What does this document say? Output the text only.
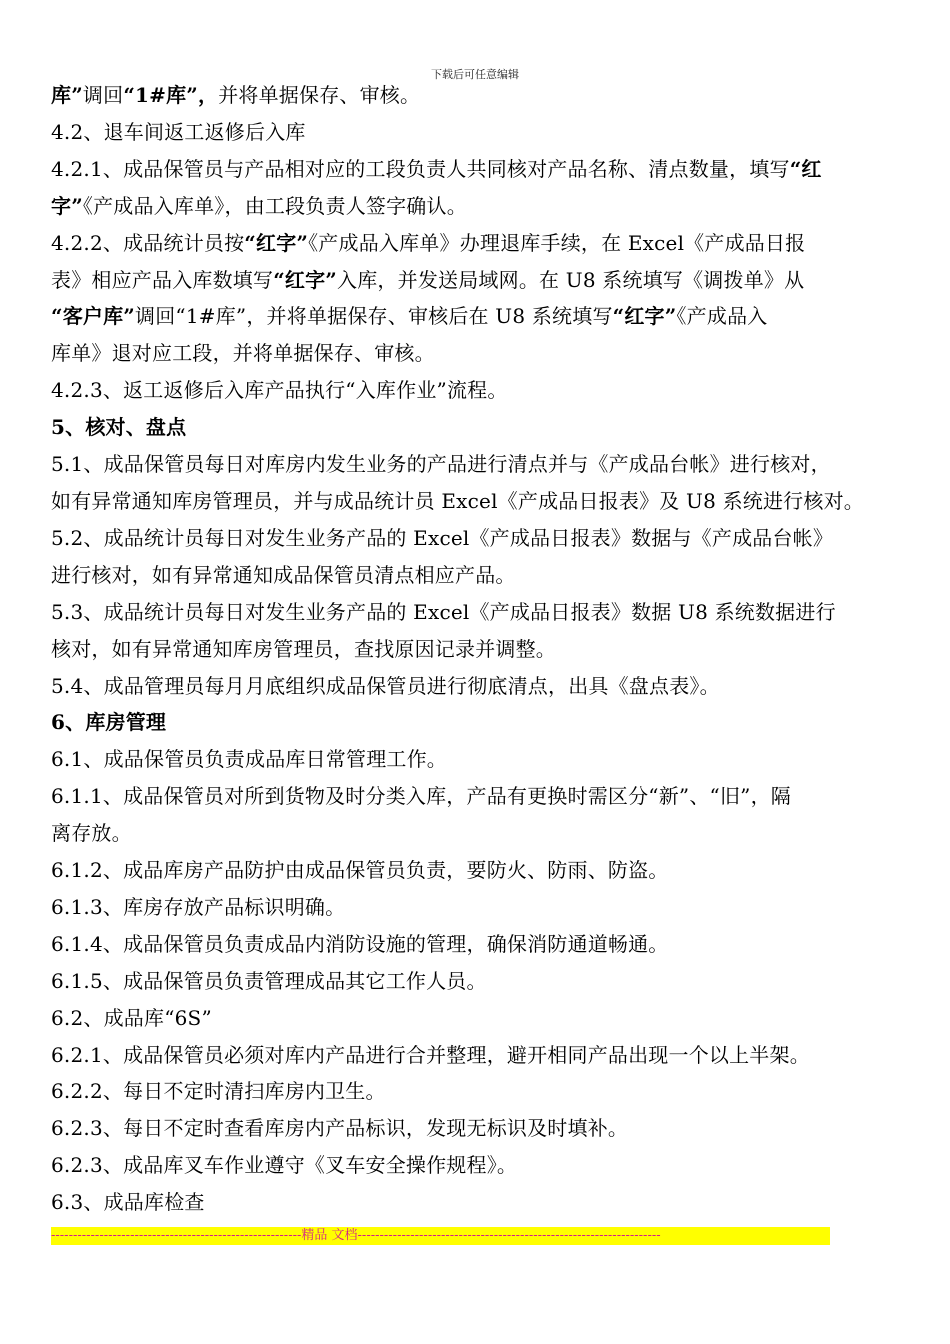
下载后可任意编辑
库”调回“1#库”，并将单据保存、审核。
4.2、退车间返工返修后入库
4.2.1、成品保管员与产品相对应的工段负责人共同核对产品名称、清点数量，填写“红
字”《产成品入库单》，由工段负责人签字确认。
4.2.2、成品统计员按“红字”《产成品入库单》办理退库手续，在 Excel《产成品日报
表》相应产品入库数填写“红字”入库，并发送局域网。在 U8 系统填写《调拨单》从
“客户库”调回“1#库”，并将单据保存、审核后在 U8 系统填写“红字”《产成品入
库单》退对应工段，并将单据保存、审核。
4.2.3、返工返修后入库产品执行“入库作业”流程。
5、核对、盘点
5.1、成品保管员每日对库房内发生业务的产品进行清点并与《产成品台帐》进行核对，
如有异常通知库房管理员，并与成品统计员 Excel《产成品日报表》及 U8 系统进行核对。
5.2、成品统计员每日对发生业务产品的 Excel《产成品日报表》数据与《产成品台帐》
进行核对，如有异常通知成品保管员清点相应产品。
5.3、成品统计员每日对发生业务产品的 Excel《产成品日报表》数据 U8 系统数据进行
核对，如有异常通知库房管理员，查找原因记录并调整。
5.4、成品管理员每月月底组织成品保管员进行彻底清点，出具《盘点表》。
6、库房管理
6.1、成品保管员负责成品库日常管理工作。
6.1.1、成品保管员对所到货物及时分类入库，产品有更换时需区分“新”、“旧”，隔
离存放。
6.1.2、成品库房产品防护由成品保管员负责，要防火、防雨、防盗。
6.1.3、库房存放产品标识明确。
6.1.4、成品保管员负责成品内消防设施的管理，确保消防通道畅通。
6.1.5、成品保管员负责管理成品其它工作人员。
6.2、成品库“6S”
6.2.1、成品保管员必须对库内产品进行合并整理，避开相同产品出现一个以上半架。
6.2.2、每日不定时清扫库房内卫生。
6.2.3、每日不定时查看库房内产品标识，发现无标识及时填补。
6.2.3、成品库叉车作业遵守《叉车安全操作规程》。
6.3、成品库检查
---------------------------------------------------------精品 文档---------------------------------------------------------------------
